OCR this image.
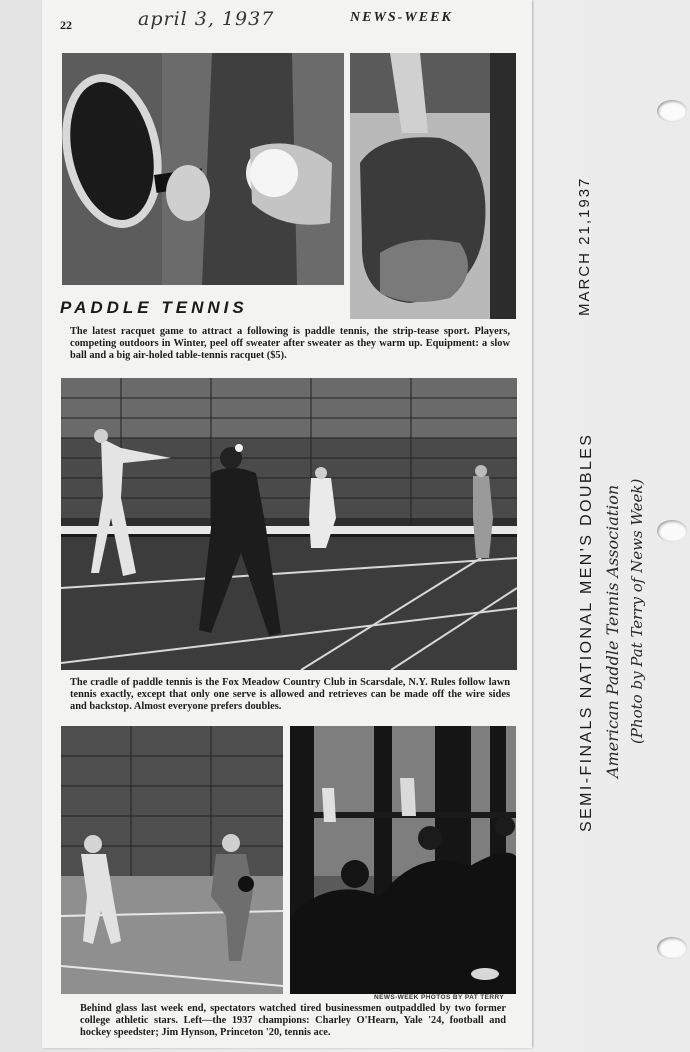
22	april 3, 1937	NEWS-WEEK
PADDLE TENNIS

The latest racquet game to attract a following is paddle tennis, the strip-tease sport. Players, competing outdoors in Winter, peel off sweater after sweater as they warm up. Equipment: a slow ball and a big air-holed table-tennis racquet ($5).

The cradle of paddle tennis is the Fox Meadow Country Club in Scarsdale, N.Y. Rules follow lawn tennis exactly, except that only one serve is allowed and retrieves can be made off the wire sides and backstop. Almost everyone prefers doubles.

NEWS-WEEK PHOTOS BY PAT TERRY

Behind glass last week end, spectators watched tired businessmen outpaddled by two former college athletic stars. Left—the 1937 champions: Charley O'Hearn, Yale '24, football and hockey speedster; Jim Hynson, Princeton '20, tennis ace.

SEMI-FINALS NATIONAL MEN'S DOUBLES American Paddle Tennis Association (Photo by Pat Terry of News Week)
MARCH 21,1937
